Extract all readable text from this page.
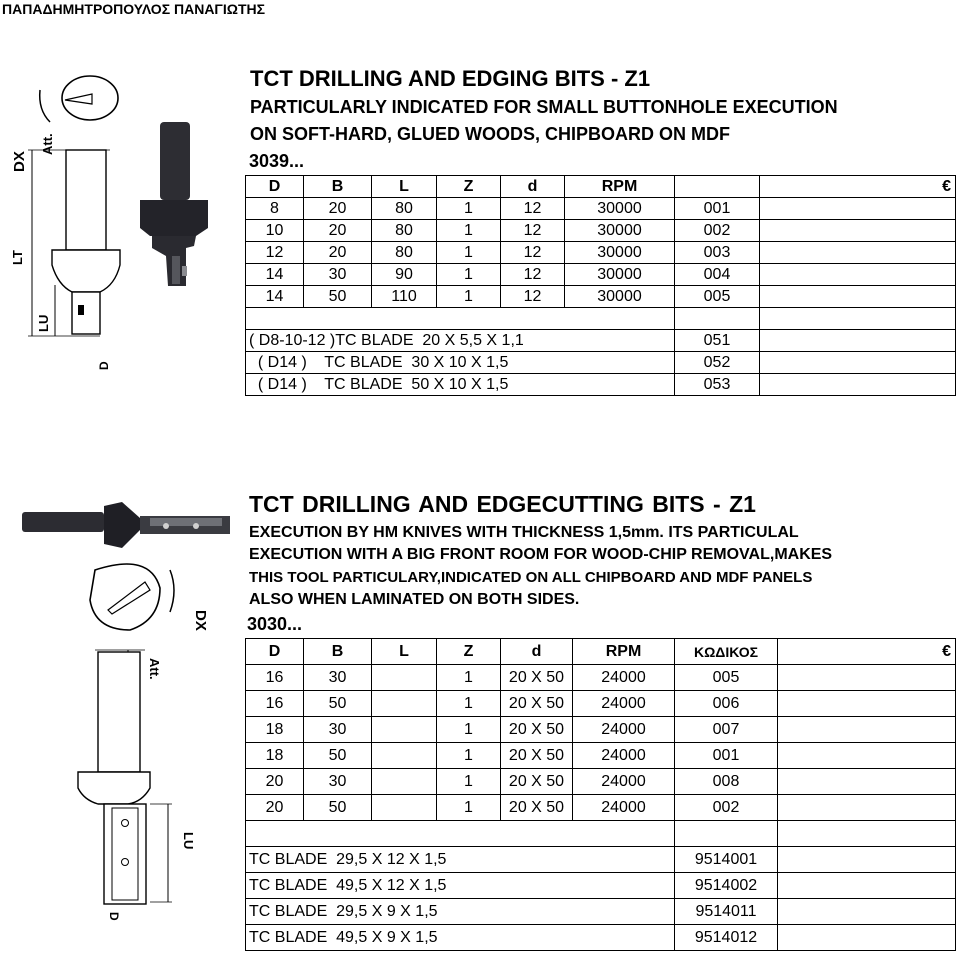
ΠΑΠΑΔΗΜΗΤΡΟΠΟΥΛΟΣ ΠΑΝΑΓΙΩΤΗΣ
DX
Att.
LT
LU
D
TCT DRILLING AND EDGING BITS - Z1
PARTICULARLY INDICATED FOR SMALL BUTTONHOLE EXECUTION
ON SOFT-HARD, GLUED WOODS, CHIPBOARD ON MDF
3039...
D	B	L	Z	d	RPM		€
8	20	80	1	12	30000	001	
10	20	80	1	12	30000	002	
12	20	80	1	12	30000	003	
14	30	90	1	12	30000	004	
14	50	110	1	12	30000	005	

( D8-10-12 )TC BLADE  20 X 5,5 X 1,1						051	
( D14 )    TC BLADE  30 X 10 X 1,5						052	
( D14 )    TC BLADE  50 X 10 X 1,5						053	
DX
Att.
LU
D
TCT DRILLING AND EDGECUTTING BITS - Z1
EXECUTION BY HM KNIVES WITH THICKNESS 1,5mm. ITS PARTICULAL
EXECUTION WITH A BIG FRONT ROOM FOR WOOD-CHIP REMOVAL,MAKES
THIS TOOL PARTICULARY,INDICATED ON ALL CHIPBOARD AND MDF PANELS
ALSO WHEN LAMINATED ON BOTH SIDES.
3030...
D	B	L	Z	d	RPM	ΚΩΔΙΚΟΣ	€
16	30		1	20 X 50	24000	005	
16	50		1	20 X 50	24000	006	
18	30		1	20 X 50	24000	007	
18	50		1	20 X 50	24000	001	
20	30		1	20 X 50	24000	008	
20	50		1	20 X 50	24000	002	

TC BLADE  29,5 X 12 X 1,5						9514001	
TC BLADE  49,5 X 12 X 1,5						9514002	
TC BLADE  29,5 X 9 X 1,5						9514011	
TC BLADE  49,5 X 9 X 1,5						9514012	
